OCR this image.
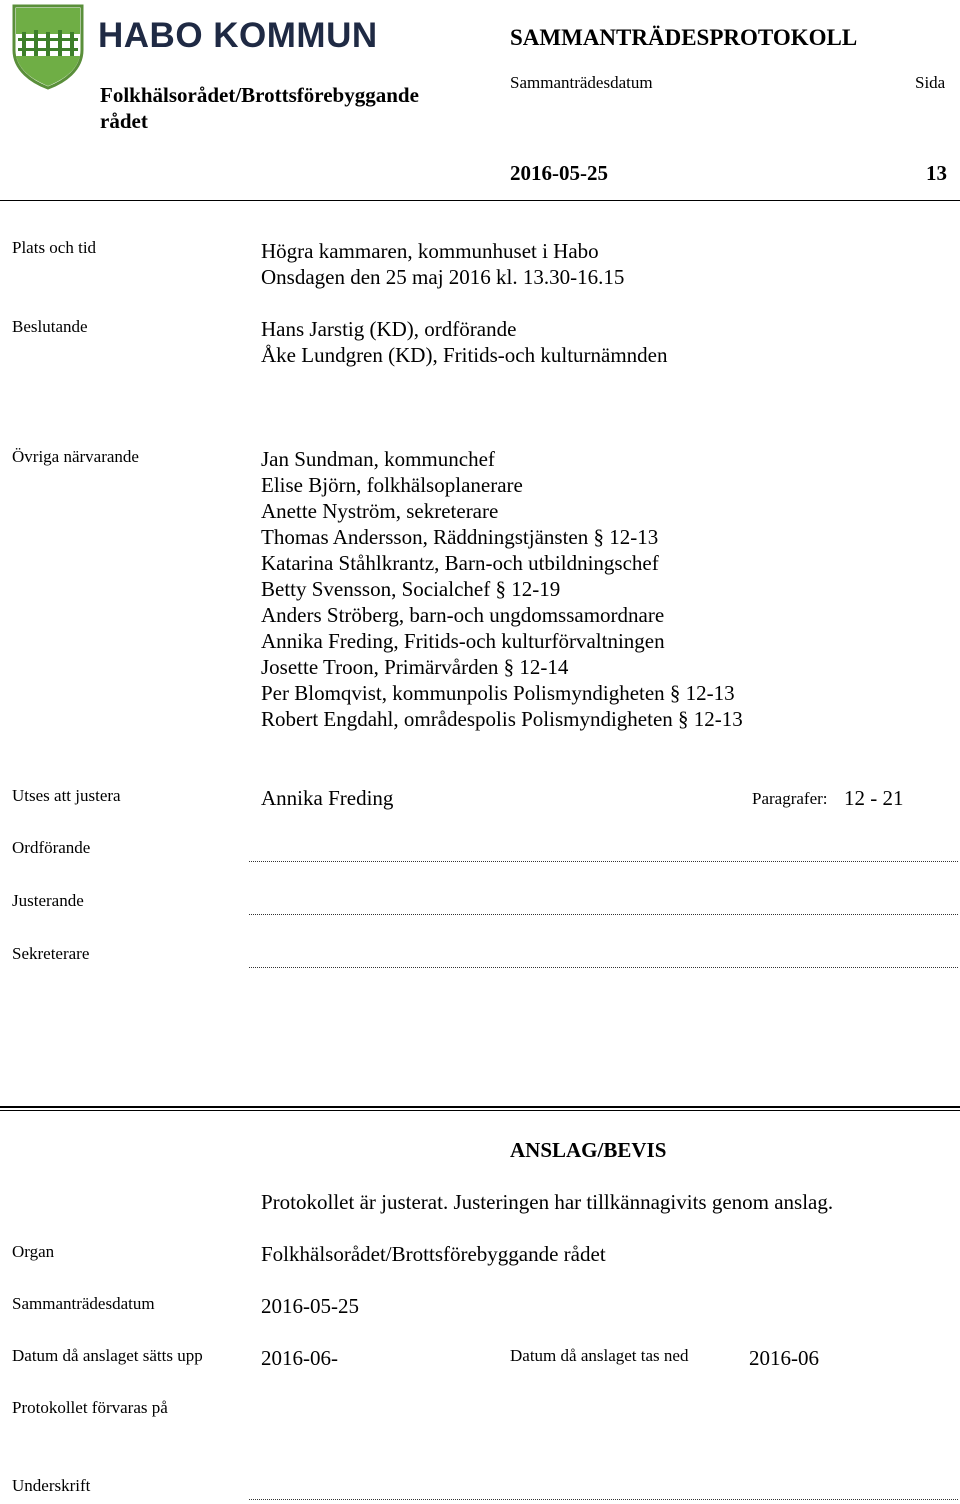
HABO KOMMUN	SAMMANTRÄDESPROTOKOLL
Sammanträdesdatum	Sida
Folkhälsorådet/Brottsförebyggande rådet
2016-05-25	13
Plats och tid	Högra kammaren, kommunhuset i Habo
Onsdagen den 25 maj 2016 kl. 13.30-16.15
Beslutande	Hans Jarstig (KD), ordförande
Åke Lundgren (KD), Fritids-och kulturnämnden
Övriga närvarande	Jan Sundman, kommunchef
Elise Björn, folkhälsoplanerare
Anette Nyström, sekreterare
Thomas Andersson, Räddningstjänsten § 12-13
Katarina Ståhlkrantz, Barn-och utbildningschef
Betty Svensson, Socialchef § 12-19
Anders Ströberg, barn-och ungdomssamordnare
Annika Freding, Fritids-och kulturförvaltningen
Josette Troon, Primärvården § 12-14
Per Blomqvist, kommunpolis Polismyndigheten § 12-13
Robert Engdahl, områdespolis Polismyndigheten § 12-13
Utses att justera	Annika Freding	Paragrafer: 12 - 21
Ordförande
Justerande
Sekreterare
ANSLAG/BEVIS
Protokollet är justerat. Justeringen har tillkännagivits genom anslag.
Organ	Folkhälsorådet/Brottsförebyggande rådet
Sammanträdesdatum	2016-05-25
Datum då anslaget sätts upp	2016-06-	Datum då anslaget tas ned	2016-06
Protokollet förvaras på
Underskrift
